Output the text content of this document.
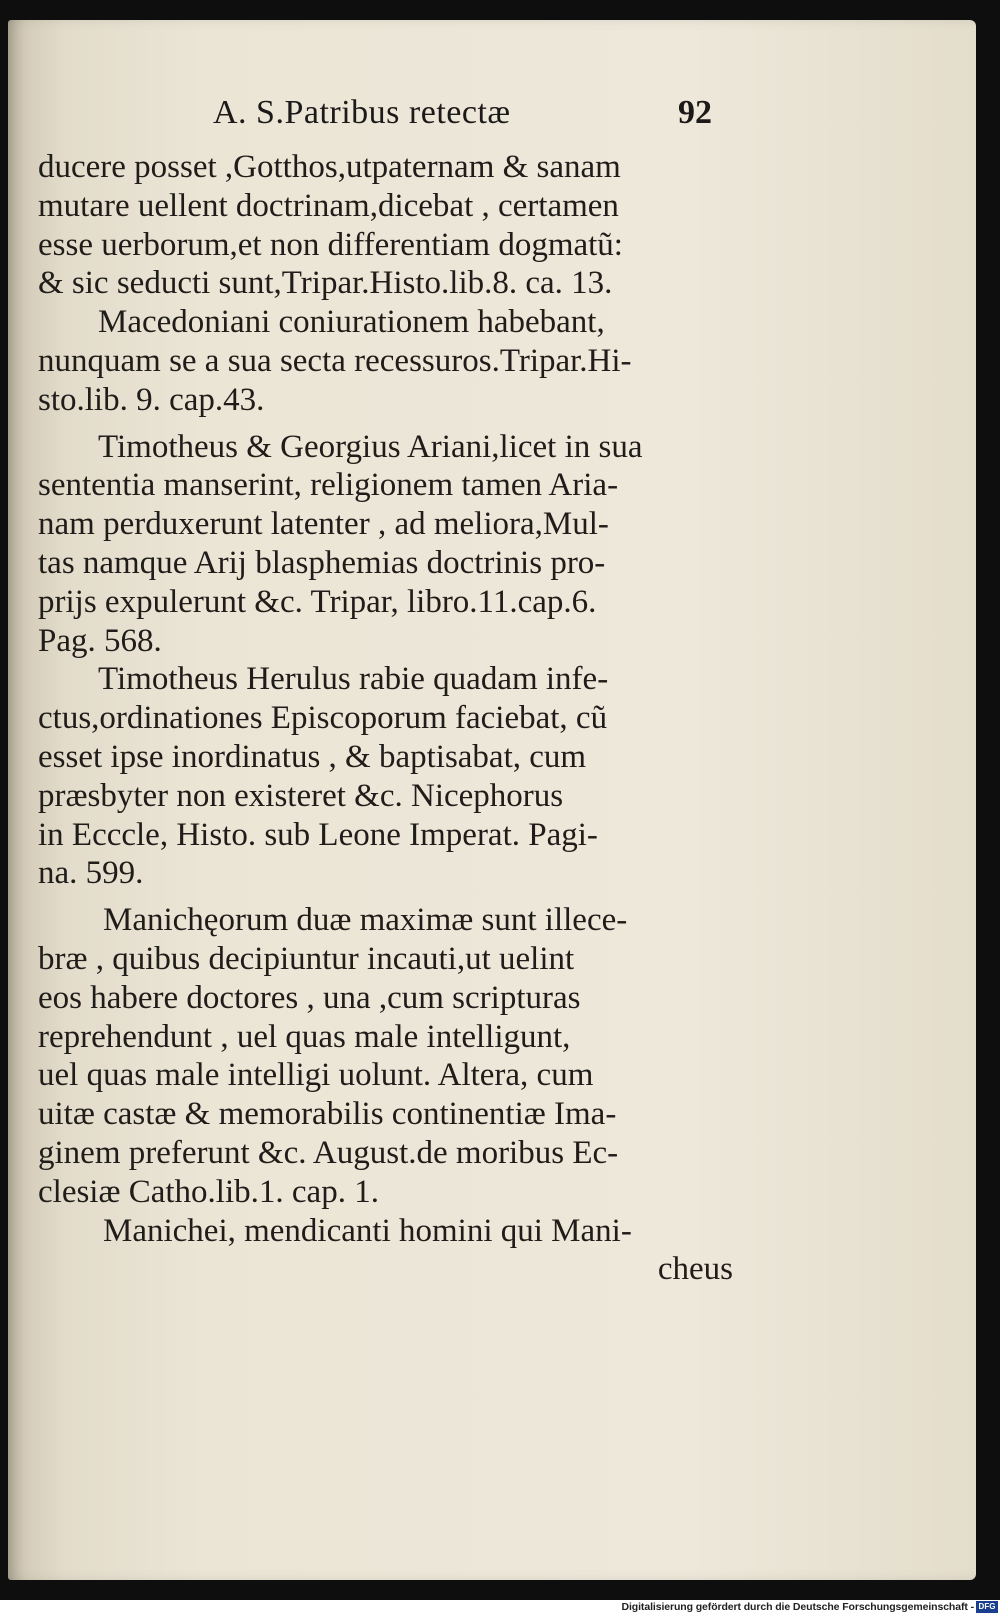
A. S.Patribus retectæ	92
ducere posset ,Gotthos,utpaternam & sanam
mutare uellent doctrinam,dicebat , certamen
esse uerborum,et non differentiam dogmatũ:
& sic seducti sunt,Tripar.Histo.lib.8. ca. 13.
Macedoniani coniurationem habebant,
nunquam se a sua secta recessuros.Tripar.Hi-
sto.lib. 9. cap.43.
Timotheus & Georgius Ariani,licet in sua
sententia manserint, religionem tamen Aria-
nam perduxerunt latenter , ad meliora,Mul-
tas namque Arij blasphemias doctrinis pro-
prijs expulerunt &c. Tripar, libro.11.cap.6.
Pag. 568.
Timotheus Herulus rabie quadam infe-
ctus,ordinationes Episcoporum faciebat, cũ
esset ipse inordinatus , & baptisabat, cum
præsbyter non existeret &c. Nicephorus
in Ecccle, Histo. sub Leone Imperat. Pagi-
na. 599.
Manichęorum duæ maximæ sunt illece-
bræ , quibus decipiuntur incauti,ut uelint
eos habere doctores , una ,cum scripturas
reprehendunt , uel quas male intelligunt,
uel quas male intelligi uolunt. Altera, cum
uitæ castæ & memorabilis continentiæ Ima-
ginem preferunt &c. August.de moribus Ec-
clesiæ Catho.lib.1. cap. 1.
Manichei, mendicanti homini qui Mani-
cheus
Digitalisierung gefördert durch die Deutsche Forschungsgemeinschaft - DFG
